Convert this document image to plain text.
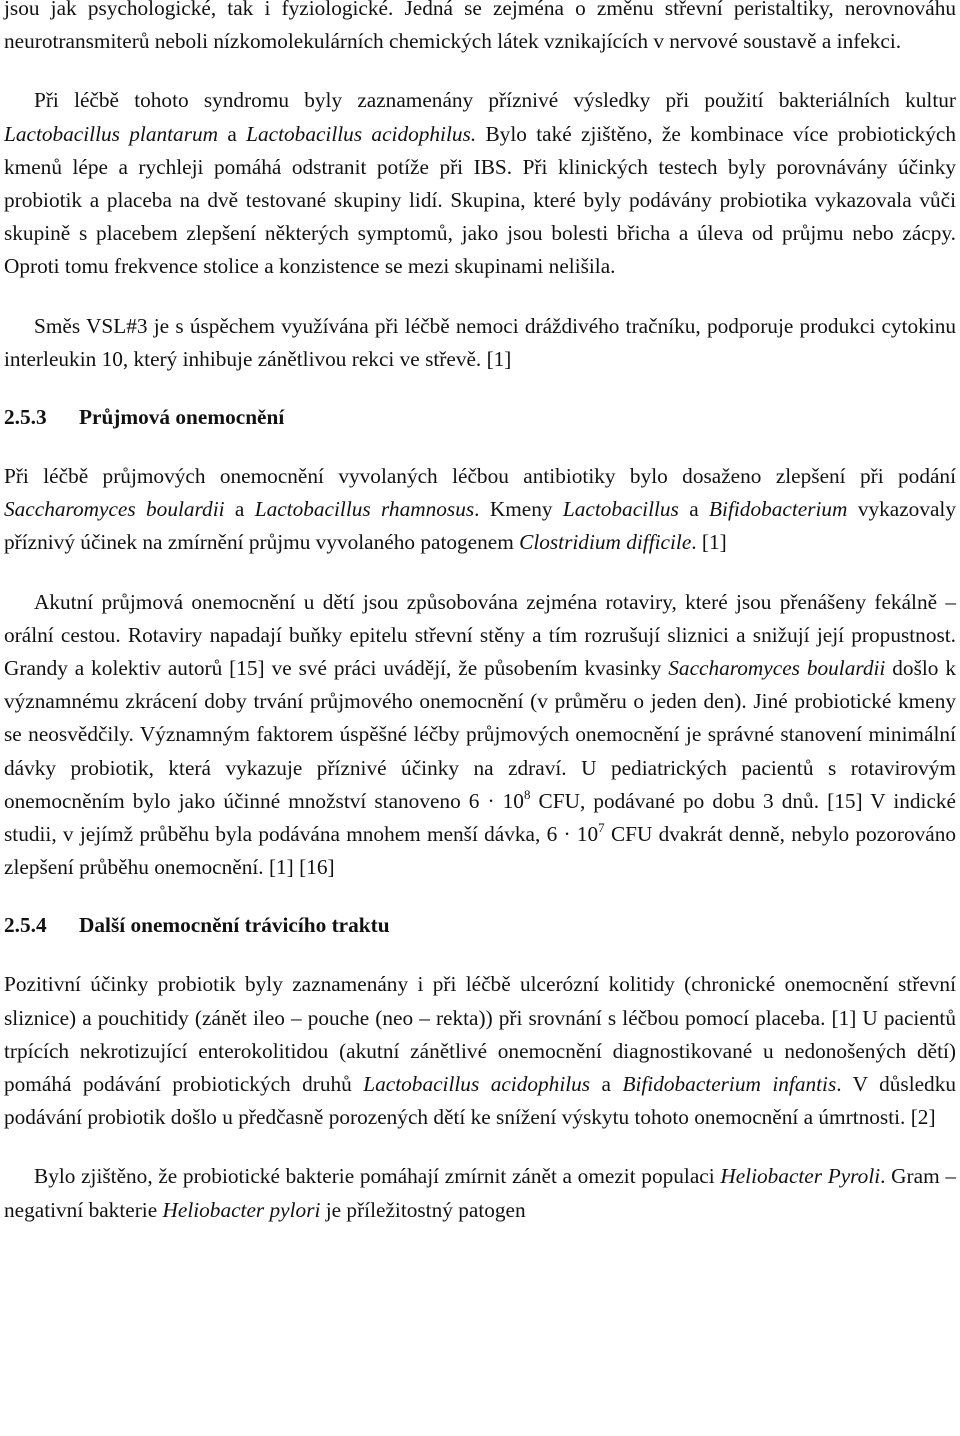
jsou jak psychologické, tak i fyziologické. Jedná se zejména o změnu střevní peristaltiky, nerovnováhu neurotransmiterů neboli nízkomolekulárních chemických látek vznikajících v nervové soustavě a infekci.

Při léčbě tohoto syndromu byly zaznamenány příznivé výsledky při použití bakteriálních kultur Lactobacillus plantarum a Lactobacillus acidophilus. Bylo také zjištěno, že kombinace více probiotických kmenů lépe a rychleji pomáhá odstranit potíže při IBS. Při klinických testech byly porovnávány účinky probiotik a placeba na dvě testované skupiny lidí. Skupina, které byly podávány probiotika vykazovala vůči skupině s placebem zlepšení některých symptomů, jako jsou bolesti břicha a úleva od průjmu nebo zácpy. Oproti tomu frekvence stolice a konzistence se mezi skupinami nelišila.

Směs VSL#3 je s úspěchem využívána při léčbě nemoci dráždivého tračníku, podporuje produkci cytokinu interleukin 10, který inhibuje zánětlivou rekci ve střevě. [1]

2.5.3 Průjmová onemocnění

Při léčbě průjmových onemocnění vyvolaných léčbou antibiotiky bylo dosaženo zlepšení při podání Saccharomyces boulardii a Lactobacillus rhamnosus. Kmeny Lactobacillus a Bifidobacterium vykazovaly příznivý účinek na zmírnění průjmu vyvolaného patogenem Clostridium difficile. [1]

Akutní průjmová onemocnění u dětí jsou způsobována zejména rotaviry, které jsou přenášeny fekálně – orální cestou. Rotaviry napadají buňky epitelu střevní stěny a tím rozrušují sliznici a snižují její propustnost. Grandy a kolektiv autorů [15] ve své práci uvádějí, že působením kvasinky Saccharomyces boulardii došlo k významnému zkrácení doby trvání průjmového onemocnění (v průměru o jeden den). Jiné probiotické kmeny se neosvědčily. Významným faktorem úspěšné léčby průjmových onemocnění je správné stanovení minimální dávky probiotik, která vykazuje příznivé účinky na zdraví. U pediatrických pacientů s rotavirovým onemocněním bylo jako účinné množství stanoveno $6 \cdot 10^8$ CFU, podávané po dobu 3 dnů. [15] V indické studii, v jejímž průběhu byla podávána mnohem menší dávka, $6 \cdot 10^7$ CFU dvakrát denně, nebylo pozorováno zlepšení průběhu onemocnění. [1] [16]

2.5.4 Další onemocnění trávicího traktu

Pozitivní účinky probiotik byly zaznamenány i při léčbě ulcerózní kolitidy (chronické onemocnění střevní sliznice) a pouchitidy (zánět ileo – pouche (neo – rekta)) při srovnání s léčbou pomocí placeba. [1] U pacientů trpících nekrotizující enterokolitidou (akutní zánětlivé onemocnění diagnostikované u nedonošených dětí) pomáhá podávání probiotických druhů Lactobacillus acidophilus a Bifidobacterium infantis. V důsledku podávání probiotik došlo u předčasně porozených dětí ke snížení výskytu tohoto onemocnění a úmrtnosti. [2]

Bylo zjištěno, že probiotické bakterie pomáhají zmírnit zánět a omezit populaci Heliobacter Pyroli. Gram – negativní bakterie Heliobacter pylori je příležitostný patogen
